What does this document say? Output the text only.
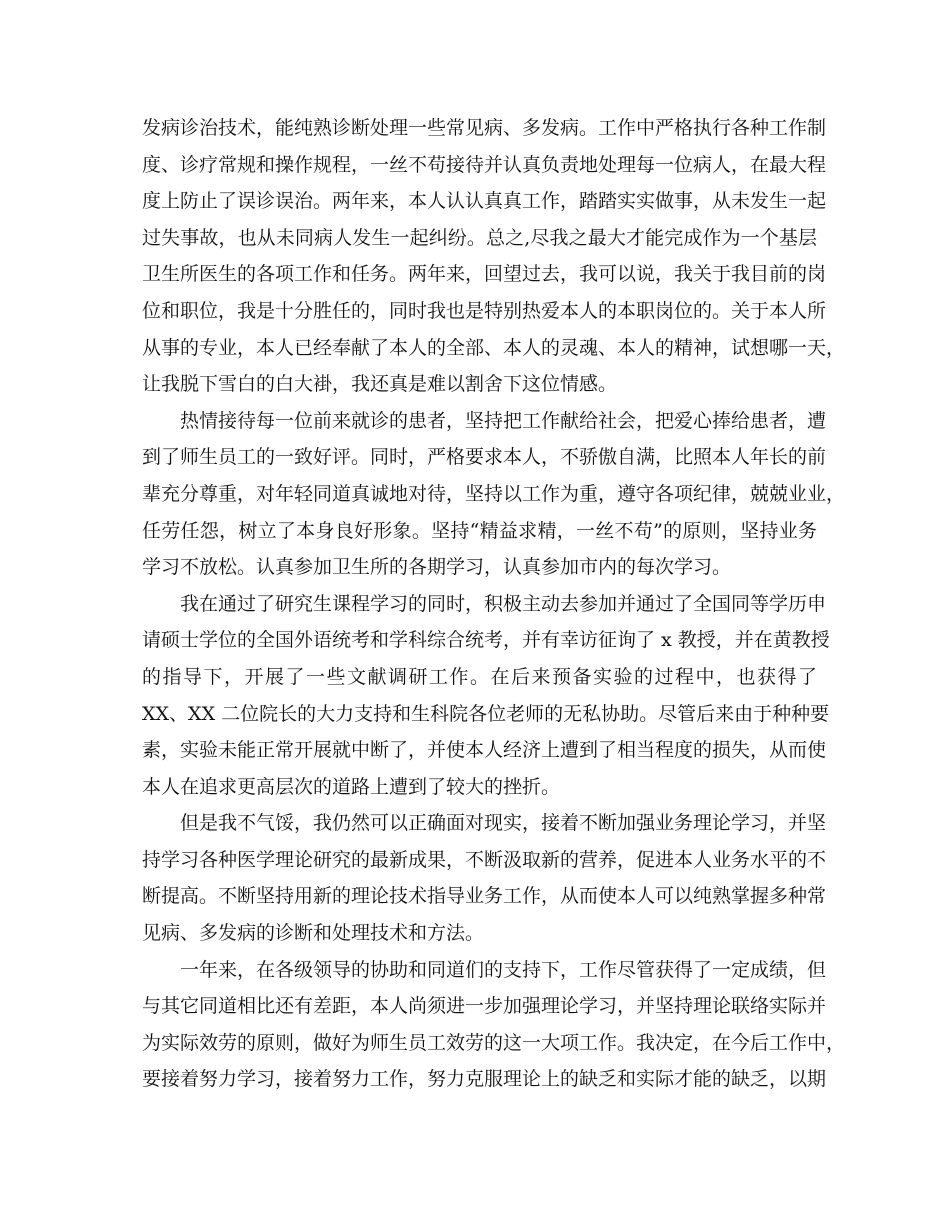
发病诊治技术，能纯熟诊断处理一些常见病、多发病。工作中严格执行各种工作制
度、诊疗常规和操作规程，一丝不苟接待并认真负责地处理每一位病人，在最大程
度上防止了误诊误治。两年来，本人认认真真工作，踏踏实实做事，从未发生一起
过失事故，也从未同病人发生一起纠纷。总之,尽我之最大才能完成作为一个基层
卫生所医生的各项工作和任务。两年来，回望过去，我可以说，我关于我目前的岗
位和职位，我是十分胜任的，同时我也是特别热爱本人的本职岗位的。关于本人所
从事的专业，本人已经奉献了本人的全部、本人的灵魂、本人的精神，试想哪一天，
让我脱下雪白的白大褂，我还真是难以割舍下这位情感。
热情接待每一位前来就诊的患者，坚持把工作献给社会，把爱心捧给患者，遭
到了师生员工的一致好评。同时，严格要求本人，不骄傲自满，比照本人年长的前
辈充分尊重，对年轻同道真诚地对待，坚持以工作为重，遵守各项纪律，兢兢业业，
任劳任怨，树立了本身良好形象。坚持“精益求精，一丝不苟”的原则，坚持业务
学习不放松。认真参加卫生所的各期学习，认真参加市内的每次学习。
我在通过了研究生课程学习的同时，积极主动去参加并通过了全国同等学历申
请硕士学位的全国外语统考和学科综合统考，并有幸访征询了 x 教授，并在黄教授
的指导下，开展了一些文献调研工作。在后来预备实验的过程中，也获得了
XX、XX 二位院长的大力支持和生科院各位老师的无私协助。尽管后来由于种种要
素，实验未能正常开展就中断了，并使本人经济上遭到了相当程度的损失，从而使
本人在追求更高层次的道路上遭到了较大的挫折。
但是我不气馁，我仍然可以正确面对现实，接着不断加强业务理论学习，并坚
持学习各种医学理论研究的最新成果，不断汲取新的营养，促进本人业务水平的不
断提高。不断坚持用新的理论技术指导业务工作，从而使本人可以纯熟掌握多种常
见病、多发病的诊断和处理技术和方法。
一年来，在各级领导的协助和同道们的支持下，工作尽管获得了一定成绩，但
与其它同道相比还有差距，本人尚须进一步加强理论学习，并坚持理论联络实际并
为实际效劳的原则，做好为师生员工效劳的这一大项工作。我决定，在今后工作中，
要接着努力学习，接着努力工作，努力克服理论上的缺乏和实际才能的缺乏，以期
